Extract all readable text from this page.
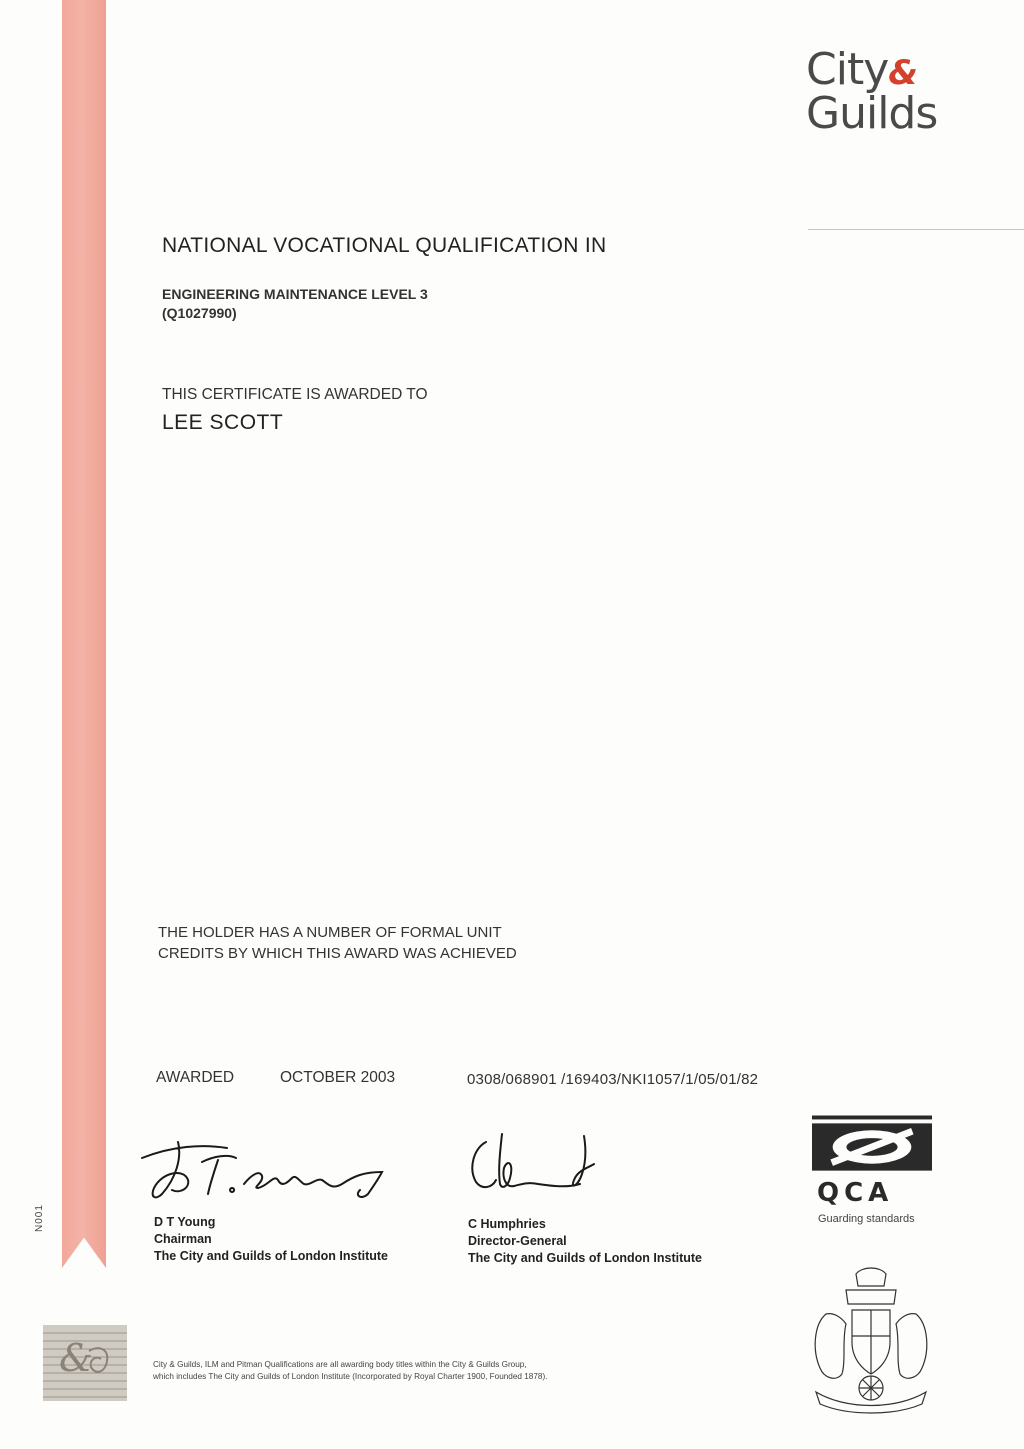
N001
City&
Guilds
NATIONAL VOCATIONAL QUALIFICATION IN
ENGINEERING MAINTENANCE LEVEL 3
(Q1027990)
THIS CERTIFICATE IS AWARDED TO
LEE SCOTT
THE HOLDER HAS A NUMBER OF FORMAL UNIT
CREDITS BY WHICH THIS AWARD WAS ACHIEVED
AWARDED	OCTOBER 2003	0308/068901 /169403/NKI1057/1/05/01/82
D T Young
Chairman
The City and Guilds of London Institute
C Humphries
Director-General
The City and Guilds of London Institute
QCA
Guarding standards
&	City & Guilds, ILM and Pitman Qualifications are all awarding body titles within the City & Guilds Group,
which includes The City and Guilds of London Institute (Incorporated by Royal Charter 1900, Founded 1878).
